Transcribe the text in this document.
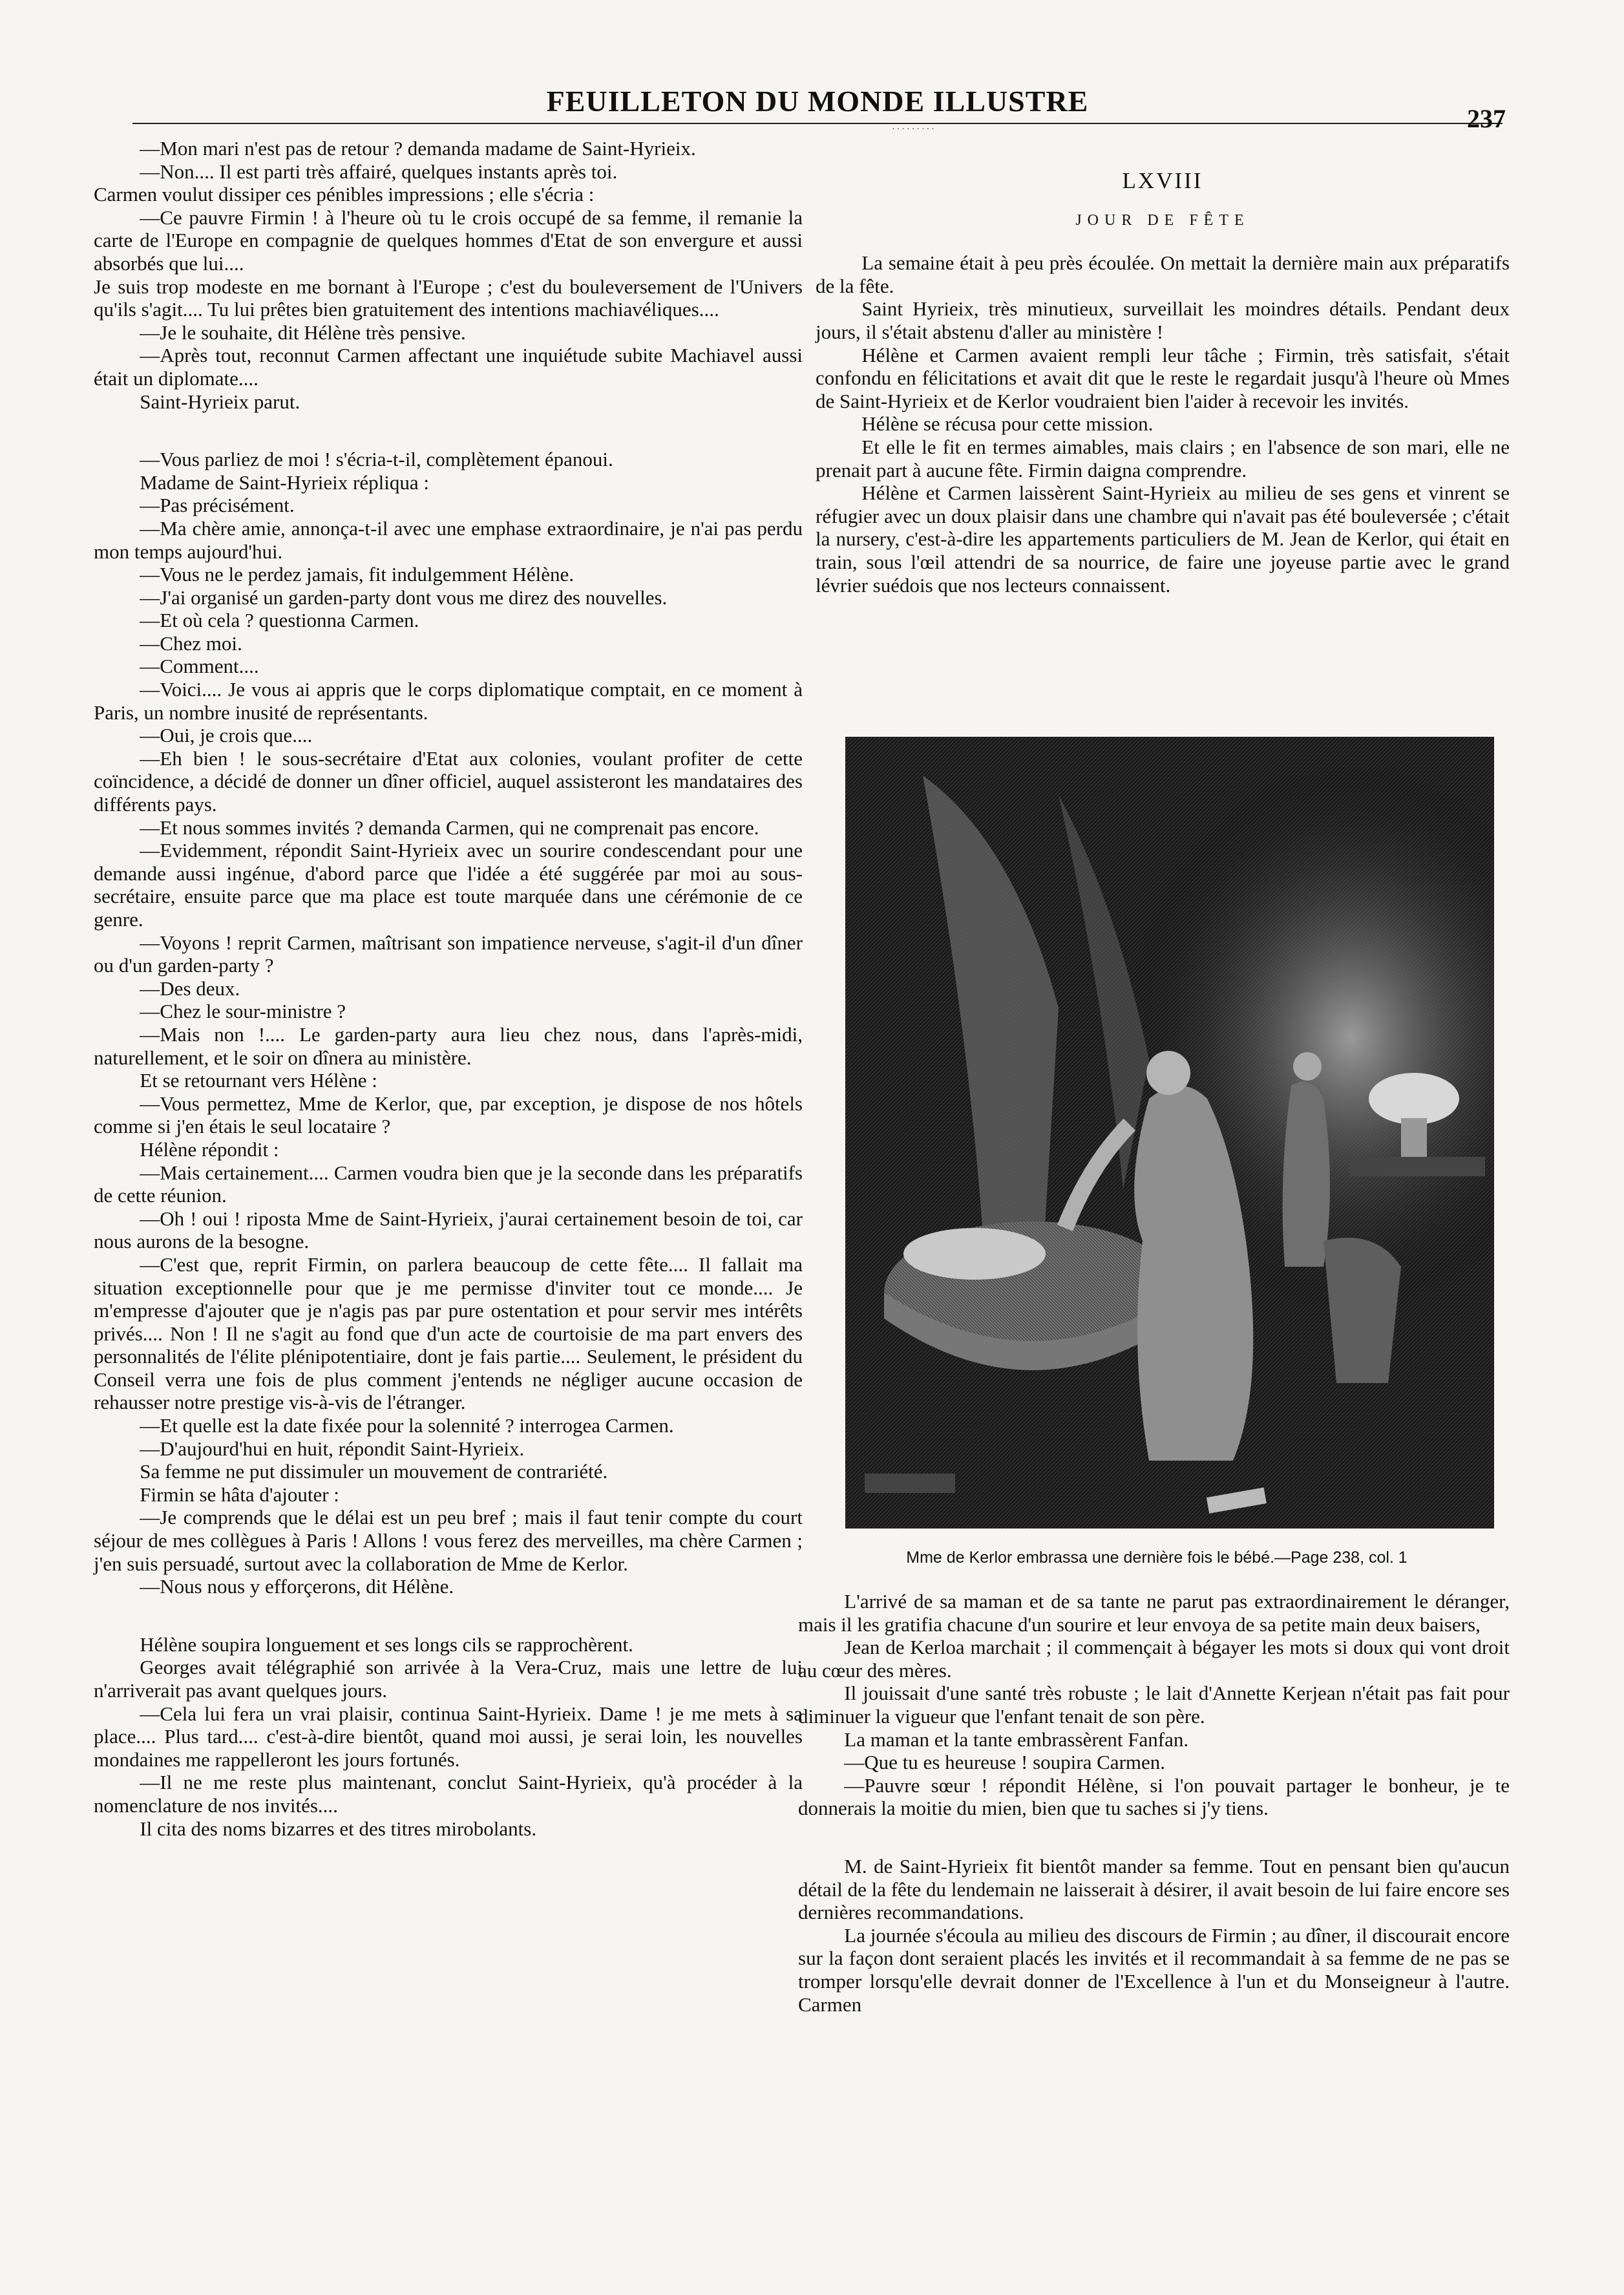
FEUILLETON DU MONDE ILLUSTRE
·········	237

—Mon mari n'est pas de retour ? demanda madame de Saint-Hyrieix.

—Non.... Il est parti très affairé, quelques instants après toi.

Carmen voulut dissiper ces pénibles impressions ; elle s'écria :

—Ce pauvre Firmin ! à l'heure où tu le crois occupé de sa femme, il remanie la carte de l'Europe en compagnie de quelques hommes d'Etat de son envergure et aussi absorbés que lui....

Je suis trop modeste en me bornant à l'Europe ; c'est du bouleversement de l'Univers qu'ils s'agit.... Tu lui prêtes bien gratuitement des intentions machiavéliques....

—Je le souhaite, dit Hélène très pensive.

—Après tout, reconnut Carmen affectant une inquiétude subite Machiavel aussi était un diplomate....

Saint-Hyrieix parut.

—Vous parliez de moi ! s'écria-t-il, complètement épanoui.

Madame de Saint-Hyrieix répliqua :

—Pas précisément.

—Ma chère amie, annonça-t-il avec une emphase extraordinaire, je n'ai pas perdu mon temps aujourd'hui.

—Vous ne le perdez jamais, fit indulgemment Hélène.

—J'ai organisé un garden-party dont vous me direz des nouvelles.

—Et où cela ? questionna Carmen.

—Chez moi.

—Comment....

—Voici.... Je vous ai appris que le corps diplomatique comptait, en ce moment à Paris, un nombre inusité de représentants.

—Oui, je crois que....

—Eh bien ! le sous-secrétaire d'Etat aux colonies, voulant profiter de cette coïncidence, a décidé de donner un dîner officiel, auquel assisteront les mandataires des différents pays.

—Et nous sommes invités ? demanda Carmen, qui ne comprenait pas encore.

—Evidemment, répondit Saint-Hyrieix avec un sourire condescendant pour une demande aussi ingénue, d'abord parce que l'idée a été suggérée par moi au sous-secrétaire, ensuite parce que ma place est toute marquée dans une cérémonie de ce genre.

—Voyons ! reprit Carmen, maîtrisant son impatience nerveuse, s'agit-il d'un dîner ou d'un garden-party ?

—Des deux.

—Chez le sour-ministre ?

—Mais non !.... Le garden-party aura lieu chez nous, dans l'après-midi, naturellement, et le soir on dînera au ministère.

Et se retournant vers Hélène :

—Vous permettez, Mme de Kerlor, que, par exception, je dispose de nos hôtels comme si j'en étais le seul locataire ?

Hélène répondit :

—Mais certainement.... Carmen voudra bien que je la seconde dans les préparatifs de cette réunion.

—Oh ! oui ! riposta Mme de Saint-Hyrieix, j'aurai certainement besoin de toi, car nous aurons de la besogne.

—C'est que, reprit Firmin, on parlera beaucoup de cette fête.... Il fallait ma situation exceptionnelle pour que je me permisse d'inviter tout ce monde.... Je m'empresse d'ajouter que je n'agis pas par pure ostentation et pour servir mes intérêts privés.... Non ! Il ne s'agit au fond que d'un acte de courtoisie de ma part envers des personnalités de l'élite plénipotentiaire, dont je fais partie.... Seulement, le président du Conseil verra une fois de plus comment j'entends ne négliger aucune occasion de rehausser notre prestige vis-à-vis de l'étranger.

—Et quelle est la date fixée pour la solennité ? interrogea Carmen.

—D'aujourd'hui en huit, répondit Saint-Hyrieix.

Sa femme ne put dissimuler un mouvement de contrariété.

Firmin se hâta d'ajouter :

—Je comprends que le délai est un peu bref ; mais il faut tenir compte du court séjour de mes collègues à Paris ! Allons ! vous ferez des merveilles, ma chère Carmen ; j'en suis persuadé, surtout avec la collaboration de Mme de Kerlor.

—Nous nous y efforçerons, dit Hélène.

Hélène soupira longuement et ses longs cils se rapprochèrent.

Georges avait télégraphié son arrivée à la Vera-Cruz, mais une lettre de lui n'arriverait pas avant quelques jours.

—Cela lui fera un vrai plaisir, continua Saint-Hyrieix. Dame ! je me mets à sa place.... Plus tard.... c'est-à-dire bientôt, quand moi aussi, je serai loin, les nouvelles mondaines me rappelleront les jours fortunés.

—Il ne me reste plus maintenant, conclut Saint-Hyrieix, qu'à procéder à la nomenclature de nos invités....

Il cita des noms bizarres et des titres mirobolants.

LXVIII
JOUR DE FÊTE

La semaine était à peu près écoulée. On mettait la dernière main aux préparatifs de la fête.

Saint Hyrieix, très minutieux, surveillait les moindres détails. Pendant deux jours, il s'était abstenu d'aller au ministère !

Hélène et Carmen avaient rempli leur tâche ; Firmin, très satisfait, s'était confondu en félicitations et avait dit que le reste le regardait jusqu'à l'heure où Mmes de Saint-Hyrieix et de Kerlor voudraient bien l'aider à recevoir les invités.

Hélène se récusa pour cette mission.

Et elle le fit en termes aimables, mais clairs ; en l'absence de son mari, elle ne prenait part à aucune fête. Firmin daigna comprendre.

Hélène et Carmen laissèrent Saint-Hyrieix au milieu de ses gens et vinrent se réfugier avec un doux plaisir dans une chambre qui n'avait pas été bouleversée ; c'était la nursery, c'est-à-dire les appartements particuliers de M. Jean de Kerlor, qui était en train, sous l'œil attendri de sa nourrice, de faire une joyeuse partie avec le grand lévrier suédois que nos lecteurs connaissent.

Mme de Kerlor embrassa une dernière fois le bébé.—Page 238, col. 1

L'arrivé de sa maman et de sa tante ne parut pas extraordinairement le déranger, mais il les gratifia chacune d'un sourire et leur envoya de sa petite main deux baisers,

Jean de Kerloa marchait ; il commençait à bégayer les mots si doux qui vont droit au cœur des mères.

Il jouissait d'une santé très robuste ; le lait d'Annette Kerjean n'était pas fait pour diminuer la vigueur que l'enfant tenait de son père.

La maman et la tante embrassèrent Fanfan.

—Que tu es heureuse ! soupira Carmen.

—Pauvre sœur ! répondit Hélène, si l'on pouvait partager le bonheur, je te donnerais la moitie du mien, bien que tu saches si j'y tiens.

M. de Saint-Hyrieix fit bientôt mander sa femme. Tout en pensant bien qu'aucun détail de la fête du lendemain ne laisserait à désirer, il avait besoin de lui faire encore ses dernières recommandations.

La journée s'écoula au milieu des discours de Firmin ; au dîner, il discourait encore sur la façon dont seraient placés les invités et il recommandait à sa femme de ne pas se tromper lorsqu'elle devrait donner de l'Excellence à l'un et du Monseigneur à l'autre. Carmen
